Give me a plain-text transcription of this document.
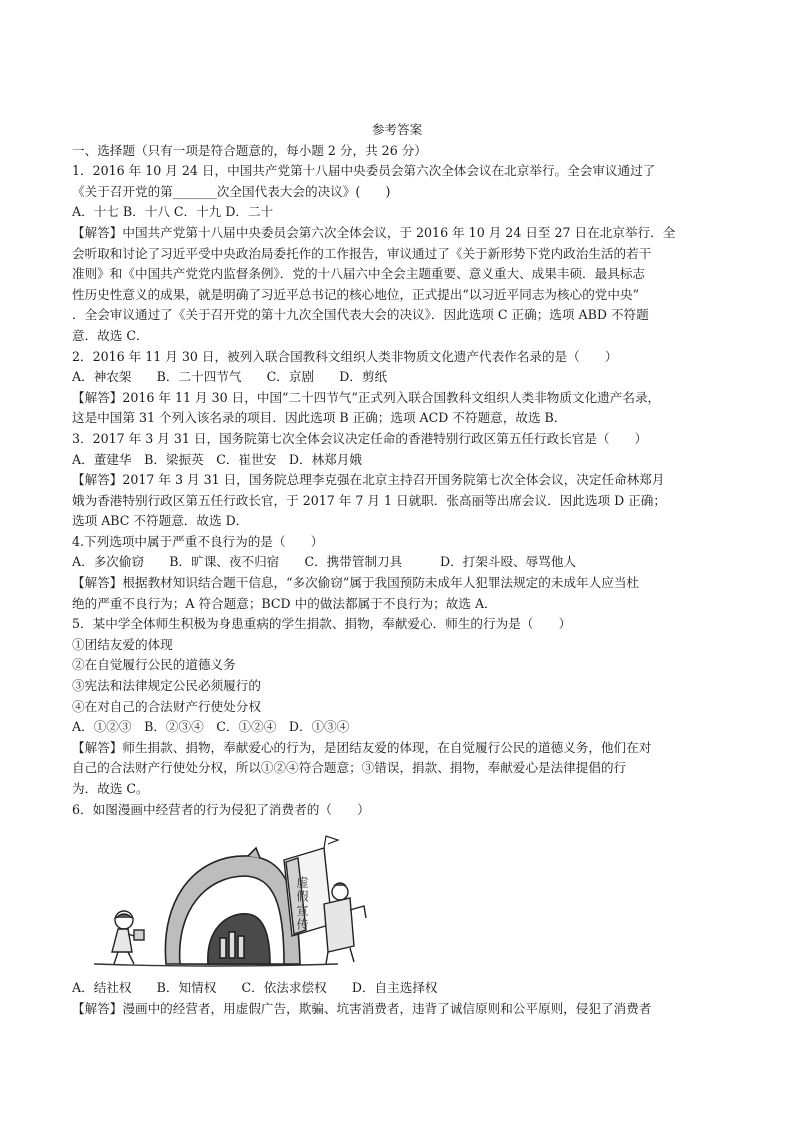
参考答案
一、选择题（只有一项是符合题意的，每小题 2 分，共 26 分）
1．2016 年 10 月 24 日，中国共产党第十八届中央委员会第六次全体会议在北京举行。全会审议通过了
《关于召开党的第_______次全国代表大会的决议》(　　)
A．十七 B．十八 C．十九 D．二十
【解答】中国共产党第十八届中央委员会第六次全体会议，于 2016 年 10 月 24 日至 27 日在北京举行．全
会听取和讨论了习近平受中央政治局委托作的工作报告，审议通过了《关于新形势下党内政治生活的若干
准则》和《中国共产党党内监督条例》．党的十八届六中全会主题重要、意义重大、成果丰硕．最具标志
性历史性意义的成果，就是明确了习近平总书记的核心地位，正式提出“以习近平同志为核心的党中央”
．全会审议通过了《关于召开党的第十九次全国代表大会的决议》．因此选项 C 正确；选项 ABD 不符题
意．故选 C．
2．2016 年 11 月 30 日，被列入联合国教科文组织人类非物质文化遗产代表作名录的是（　　）
A．神农架　　B．二十四节气　　C．京剧　　D．剪纸
【解答】2016 年 11 月 30 日，中国“二十四节气”正式列入联合国教科文组织人类非物质文化遗产名录，
这是中国第 31 个列入该名录的项目．因此选项 B 正确；选项 ACD 不符题意，故选 B．
3．2017 年 3 月 31 日，国务院第七次全体会议决定任命的香港特别行政区第五任行政长官是（　　）
A．董建华　B．梁振英　C．崔世安　D．林郑月娥
【解答】2017 年 3 月 31 日，国务院总理李克强在北京主持召开国务院第七次全体会议，决定任命林郑月
娥为香港特别行政区第五任行政长官，于 2017 年 7 月 1 日就职．张高丽等出席会议．因此选项 D 正确；
选项 ABC 不符题意．故选 D．
4.下列选项中属于严重不良行为的是（　　）
A．多次偷窃　　B．旷课、夜不归宿　　C．携带管制刀具　　　D．打架斗殴、辱骂他人
【解答】根据教材知识结合题干信息，“多次偷窃”属于我国预防未成年人犯罪法规定的未成年人应当杜
绝的严重不良行为；A 符合题意；BCD 中的做法都属于不良行为；故选 A．
5．某中学全体师生积极为身患重病的学生捐款、捐物，奉献爱心．师生的行为是（　　）
①团结友爱的体现
②在自觉履行公民的道德义务
③宪法和法律规定公民必须履行的
④在对自己的合法财产行使处分权
A．①②③　B．②③④　C．①②④　D．①③④
【解答】师生捐款、捐物，奉献爱心的行为，是团结友爱的体现，在自觉履行公民的道德义务，他们在对
自己的合法财产行使处分权，所以①②④符合题意；③错误，捐款、捐物，奉献爱心是法律提倡的行
为．故选 C。
6．如图漫画中经营者的行为侵犯了消费者的（　　）
虚假宣传
A．结社权　　B．知情权　　C．依法求偿权　　D．自主选择权
【解答】漫画中的经营者，用虚假广告，欺骗、坑害消费者，违背了诚信原则和公平原则，侵犯了消费者
